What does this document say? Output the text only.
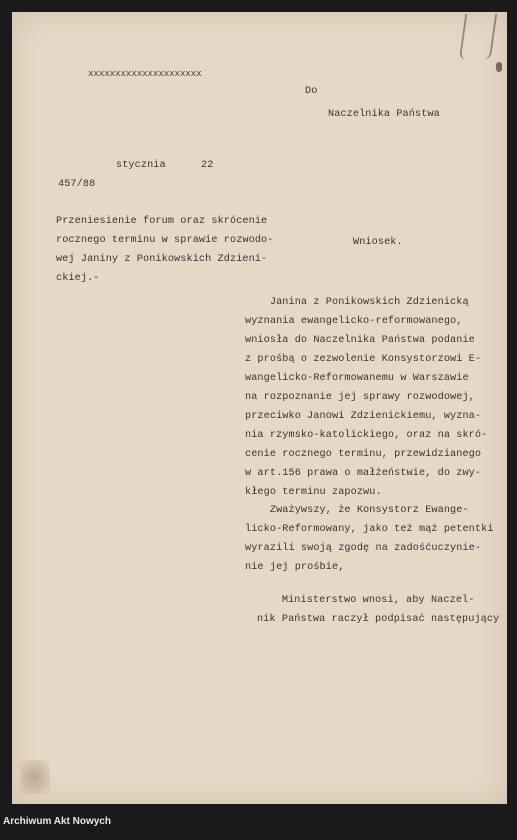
xxxxxxxxxxxxxxxxxxxxx
Do
Naczelnika Państwa
stycznia	22
457/88
Przeniesienie forum oraz skrócenie
rocznego terminu w sprawie rozwodo-
wej Janiny z Ponikowskich Zdzieni-
ckiej.-
Wniosek.
Janina z Ponikowskich Zdzienicką
wyznania ewangelicko-reformowanego,
wniosła do Naczelnika Państwa podanie
z prośbą o zezwolenie Konsystorzowi E-
wangelicko-Reformowanemu w Warszawie
na rozpoznanie jej sprawy rozwodowej,
przeciwko Janowi Zdzienickiemu, wyzna-
nia rzymsko-katolickiego, oraz na skró-
cenie rocznego terminu, przewidzianego
w art.156 prawa o małżeństwie, do zwy-
kłego terminu zapozwu.
Zważywszy, że Konsystorz Ewange-
licko-Reformowany, jako też mąż petentki
wyrazili swoją zgodę na zadośćuczynie-
nie jej prośbie,
Ministerstwo wnosi, aby Naczel-
nik Państwa raczył podpisać następujący
Archiwum Akt Nowych
